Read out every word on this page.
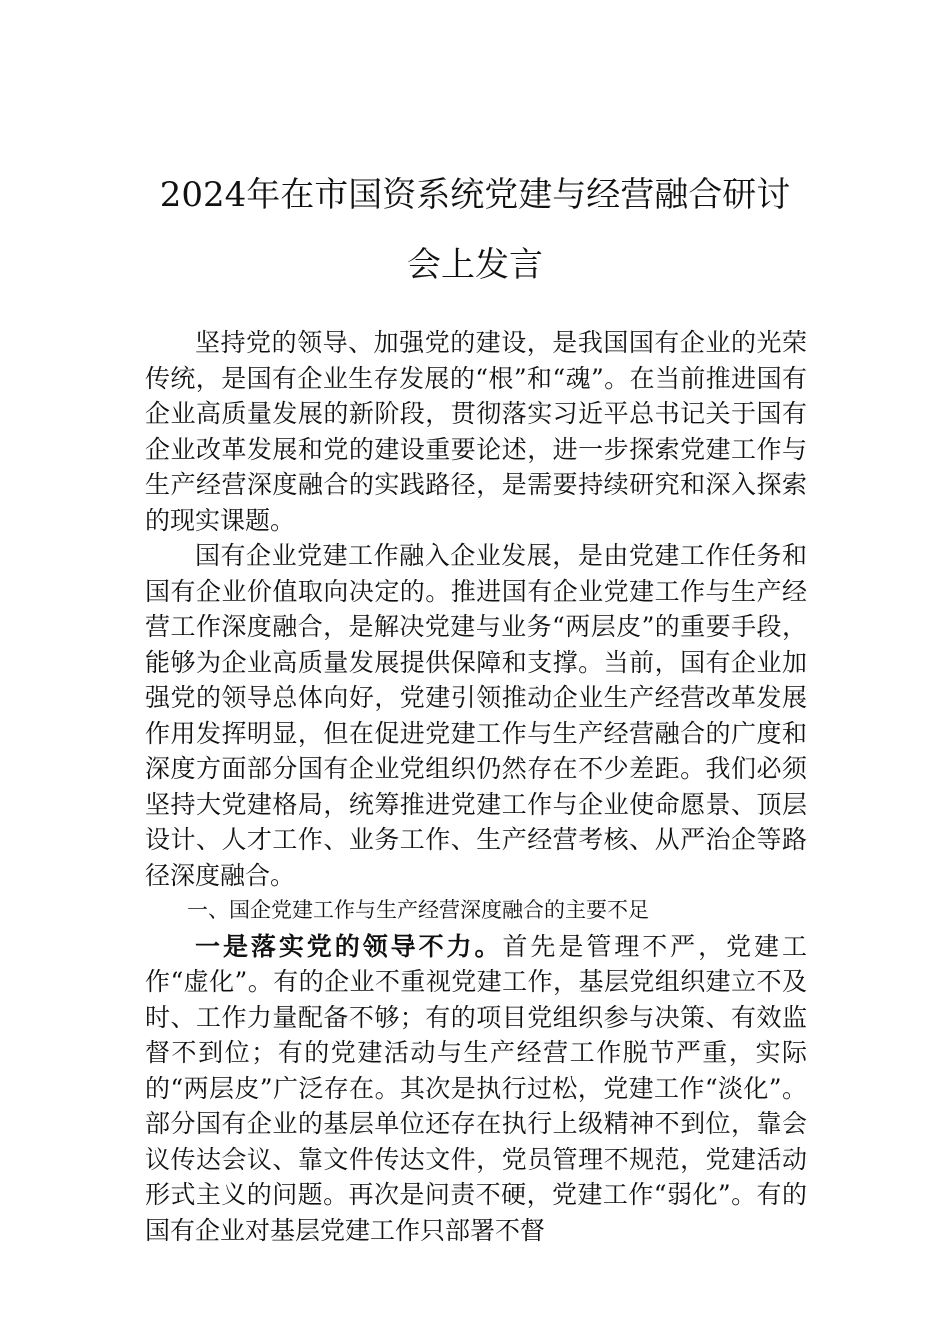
2024年在市国资系统党建与经营融合研讨
会上发言

坚持党的领导、加强党的建设，是我国国有企业的光荣传统，是国有企业生存发展的“根”和“魂”。在当前推进国有企业高质量发展的新阶段，贯彻落实习近平总书记关于国有企业改革发展和党的建设重要论述，进一步探索党建工作与生产经营深度融合的实践路径，是需要持续研究和深入探索的现实课题。

国有企业党建工作融入企业发展，是由党建工作任务和国有企业价值取向决定的。推进国有企业党建工作与生产经营工作深度融合，是解决党建与业务“两层皮”的重要手段，能够为企业高质量发展提供保障和支撑。当前，国有企业加强党的领导总体向好，党建引领推动企业生产经营改革发展作用发挥明显，但在促进党建工作与生产经营融合的广度和深度方面部分国有企业党组织仍然存在不少差距。我们必须坚持大党建格局，统筹推进党建工作与企业使命愿景、顶层设计、人才工作、业务工作、生产经营考核、从严治企等路径深度融合。

一、国企党建工作与生产经营深度融合的主要不足

一是落实党的领导不力。首先是管理不严，党建工作“虚化”。有的企业不重视党建工作，基层党组织建立不及时、工作力量配备不够；有的项目党组织参与决策、有效监督不到位；有的党建活动与生产经营工作脱节严重，实际的“两层皮”广泛存在。其次是执行过松，党建工作“淡化”。部分国有企业的基层单位还存在执行上级精神不到位，靠会议传达会议、靠文件传达文件，党员管理不规范，党建活动形式主义的问题。再次是问责不硬，党建工作“弱化”。有的国有企业对基层党建工作只部署不督
